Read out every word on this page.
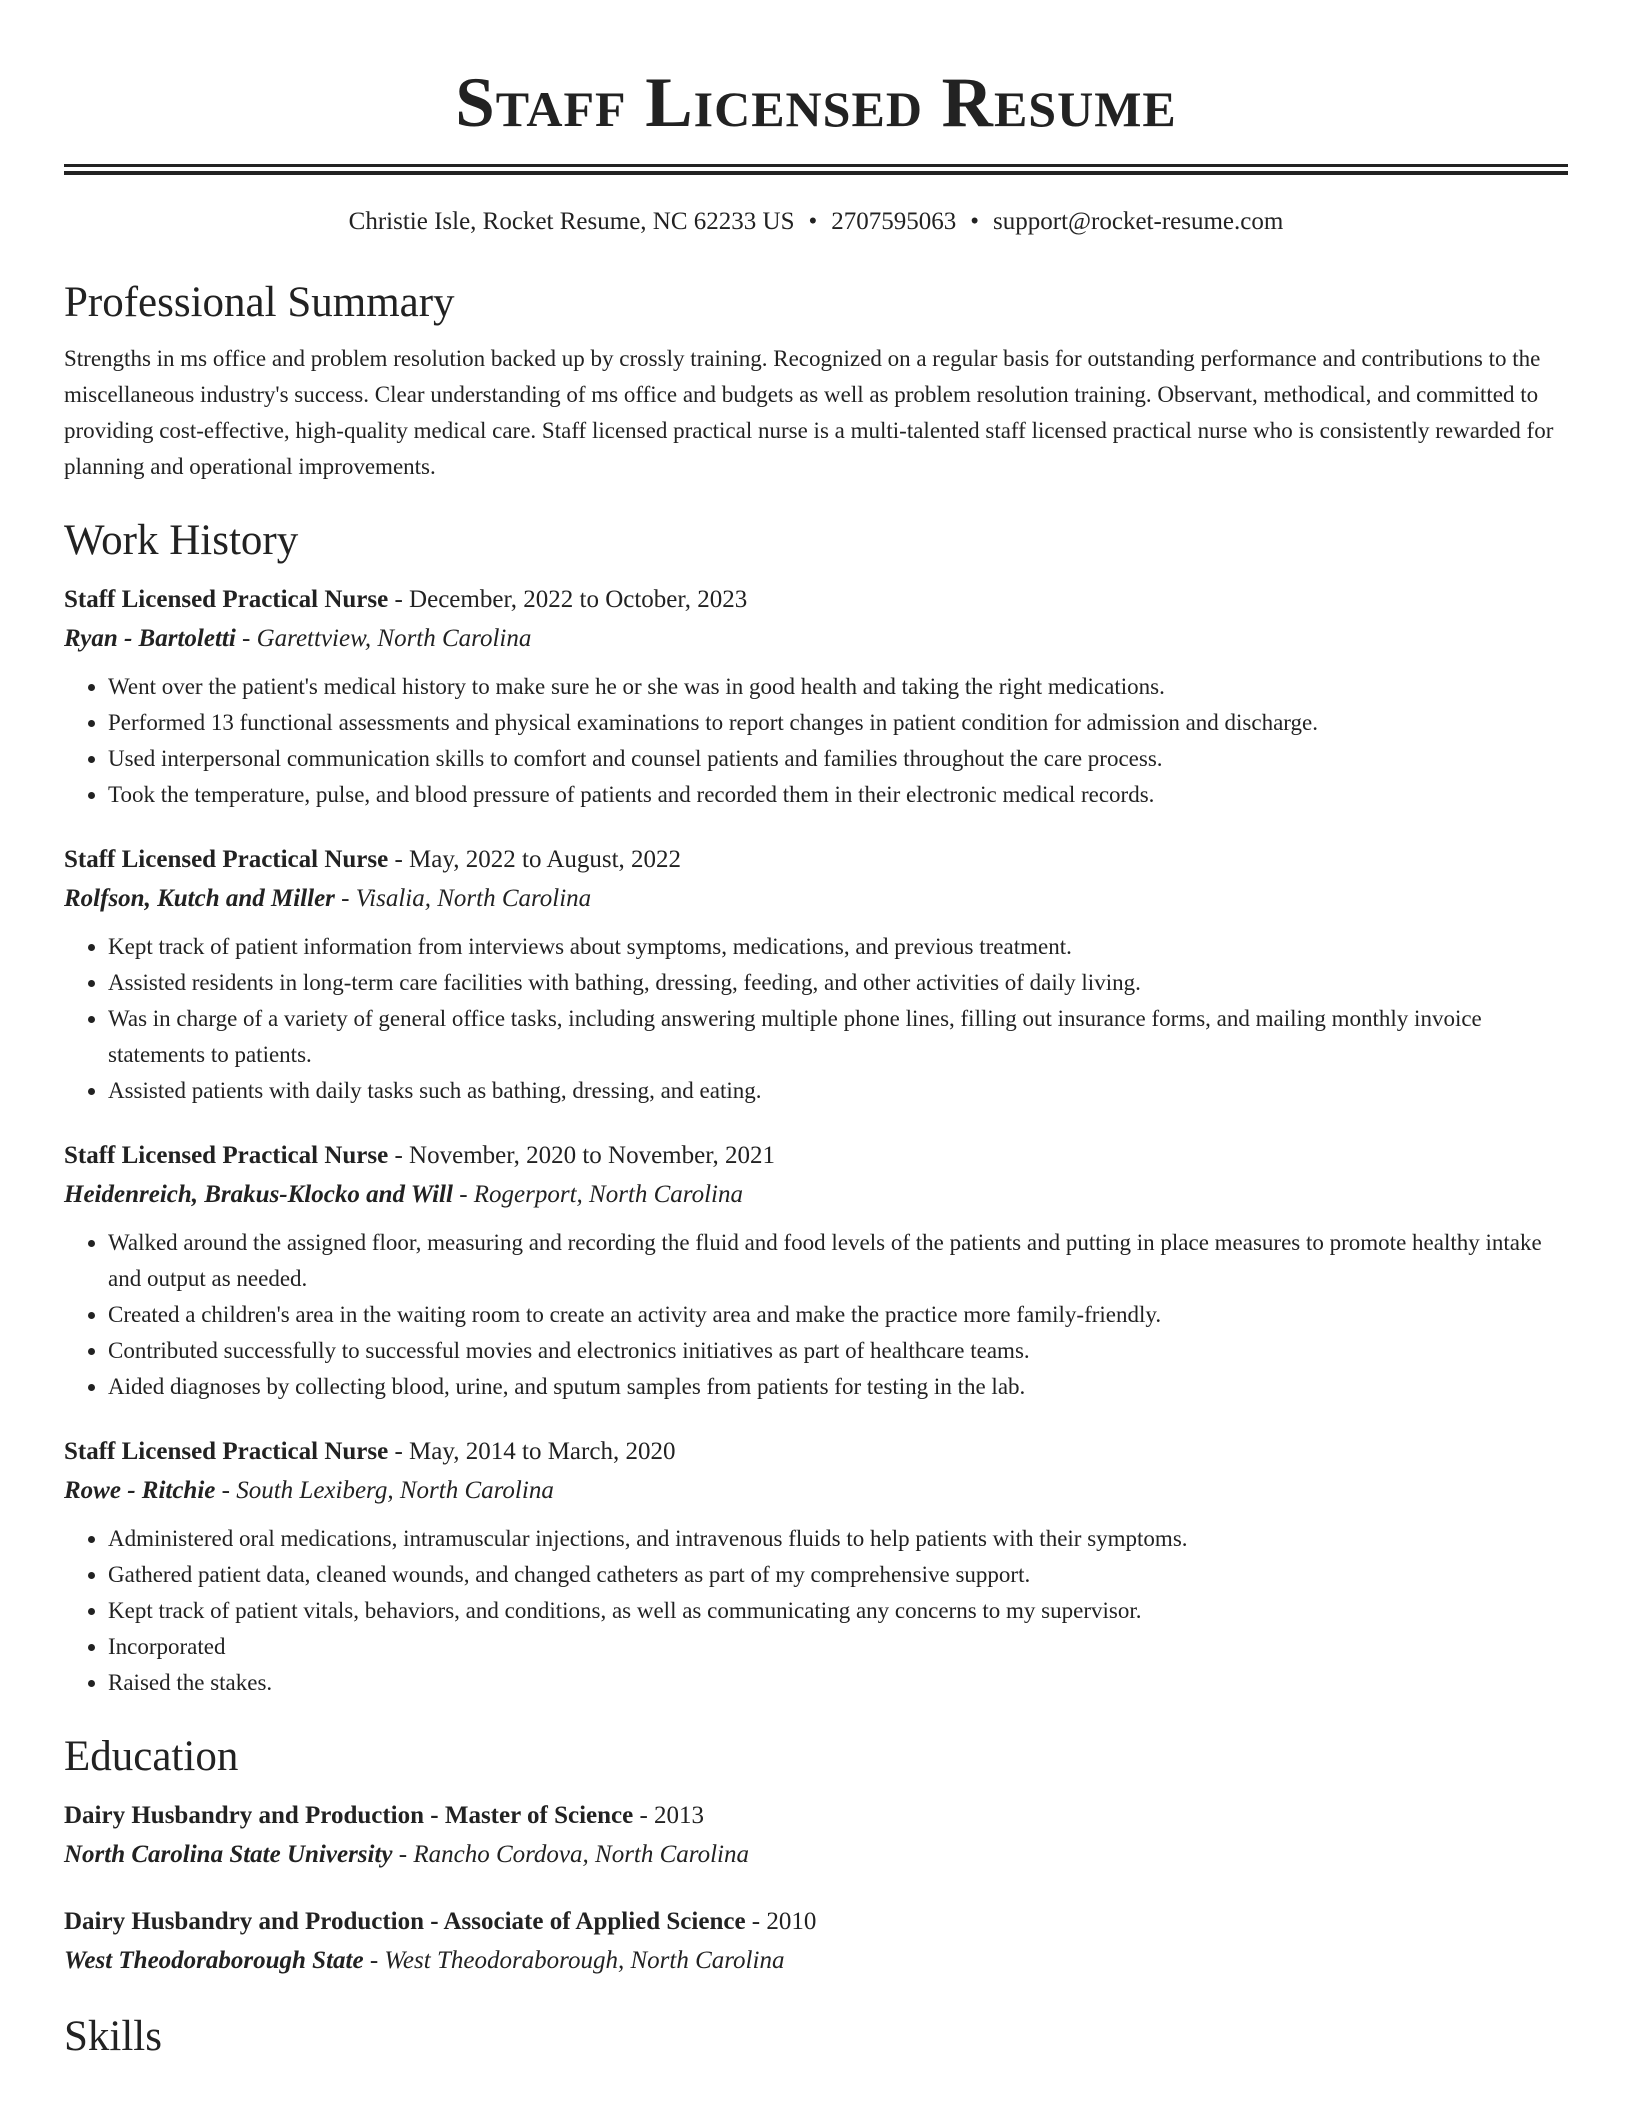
Staff Licensed Resume
Christie Isle, Rocket Resume, NC 62233 US • 2707595063 • support@rocket-resume.com
Professional Summary

Strengths in ms office and problem resolution backed up by crossly training. Recognized on a regular basis for outstanding performance and contributions to the miscellaneous industry's success. Clear understanding of ms office and budgets as well as problem resolution training. Observant, methodical, and committed to providing cost-effective, high-quality medical care. Staff licensed practical nurse is a multi-talented staff licensed practical nurse who is consistently rewarded for planning and operational improvements.

Work History
Staff Licensed Practical Nurse - December, 2022 to October, 2023
Ryan - Bartoletti - Garettview, North Carolina
• Went over the patient's medical history to make sure he or she was in good health and taking the right medications.
• Performed 13 functional assessments and physical examinations to report changes in patient condition for admission and discharge.
• Used interpersonal communication skills to comfort and counsel patients and families throughout the care process.
• Took the temperature, pulse, and blood pressure of patients and recorded them in their electronic medical records.
Staff Licensed Practical Nurse - May, 2022 to August, 2022
Rolfson, Kutch and Miller - Visalia, North Carolina
• Kept track of patient information from interviews about symptoms, medications, and previous treatment.
• Assisted residents in long-term care facilities with bathing, dressing, feeding, and other activities of daily living.
• Was in charge of a variety of general office tasks, including answering multiple phone lines, filling out insurance forms, and mailing monthly invoice statements to patients.
• Assisted patients with daily tasks such as bathing, dressing, and eating.
Staff Licensed Practical Nurse - November, 2020 to November, 2021
Heidenreich, Brakus-Klocko and Will - Rogerport, North Carolina
• Walked around the assigned floor, measuring and recording the fluid and food levels of the patients and putting in place measures to promote healthy intake and output as needed.
• Created a children's area in the waiting room to create an activity area and make the practice more family-friendly.
• Contributed successfully to successful movies and electronics initiatives as part of healthcare teams.
• Aided diagnoses by collecting blood, urine, and sputum samples from patients for testing in the lab.
Staff Licensed Practical Nurse - May, 2014 to March, 2020
Rowe - Ritchie - South Lexiberg, North Carolina
• Administered oral medications, intramuscular injections, and intravenous fluids to help patients with their symptoms.
• Gathered patient data, cleaned wounds, and changed catheters as part of my comprehensive support.
• Kept track of patient vitals, behaviors, and conditions, as well as communicating any concerns to my supervisor.
• Incorporated
• Raised the stakes.
Education
Dairy Husbandry and Production - Master of Science - 2013
North Carolina State University - Rancho Cordova, North Carolina
Dairy Husbandry and Production - Associate of Applied Science - 2010
West Theodoraborough State - West Theodoraborough, North Carolina
Skills
